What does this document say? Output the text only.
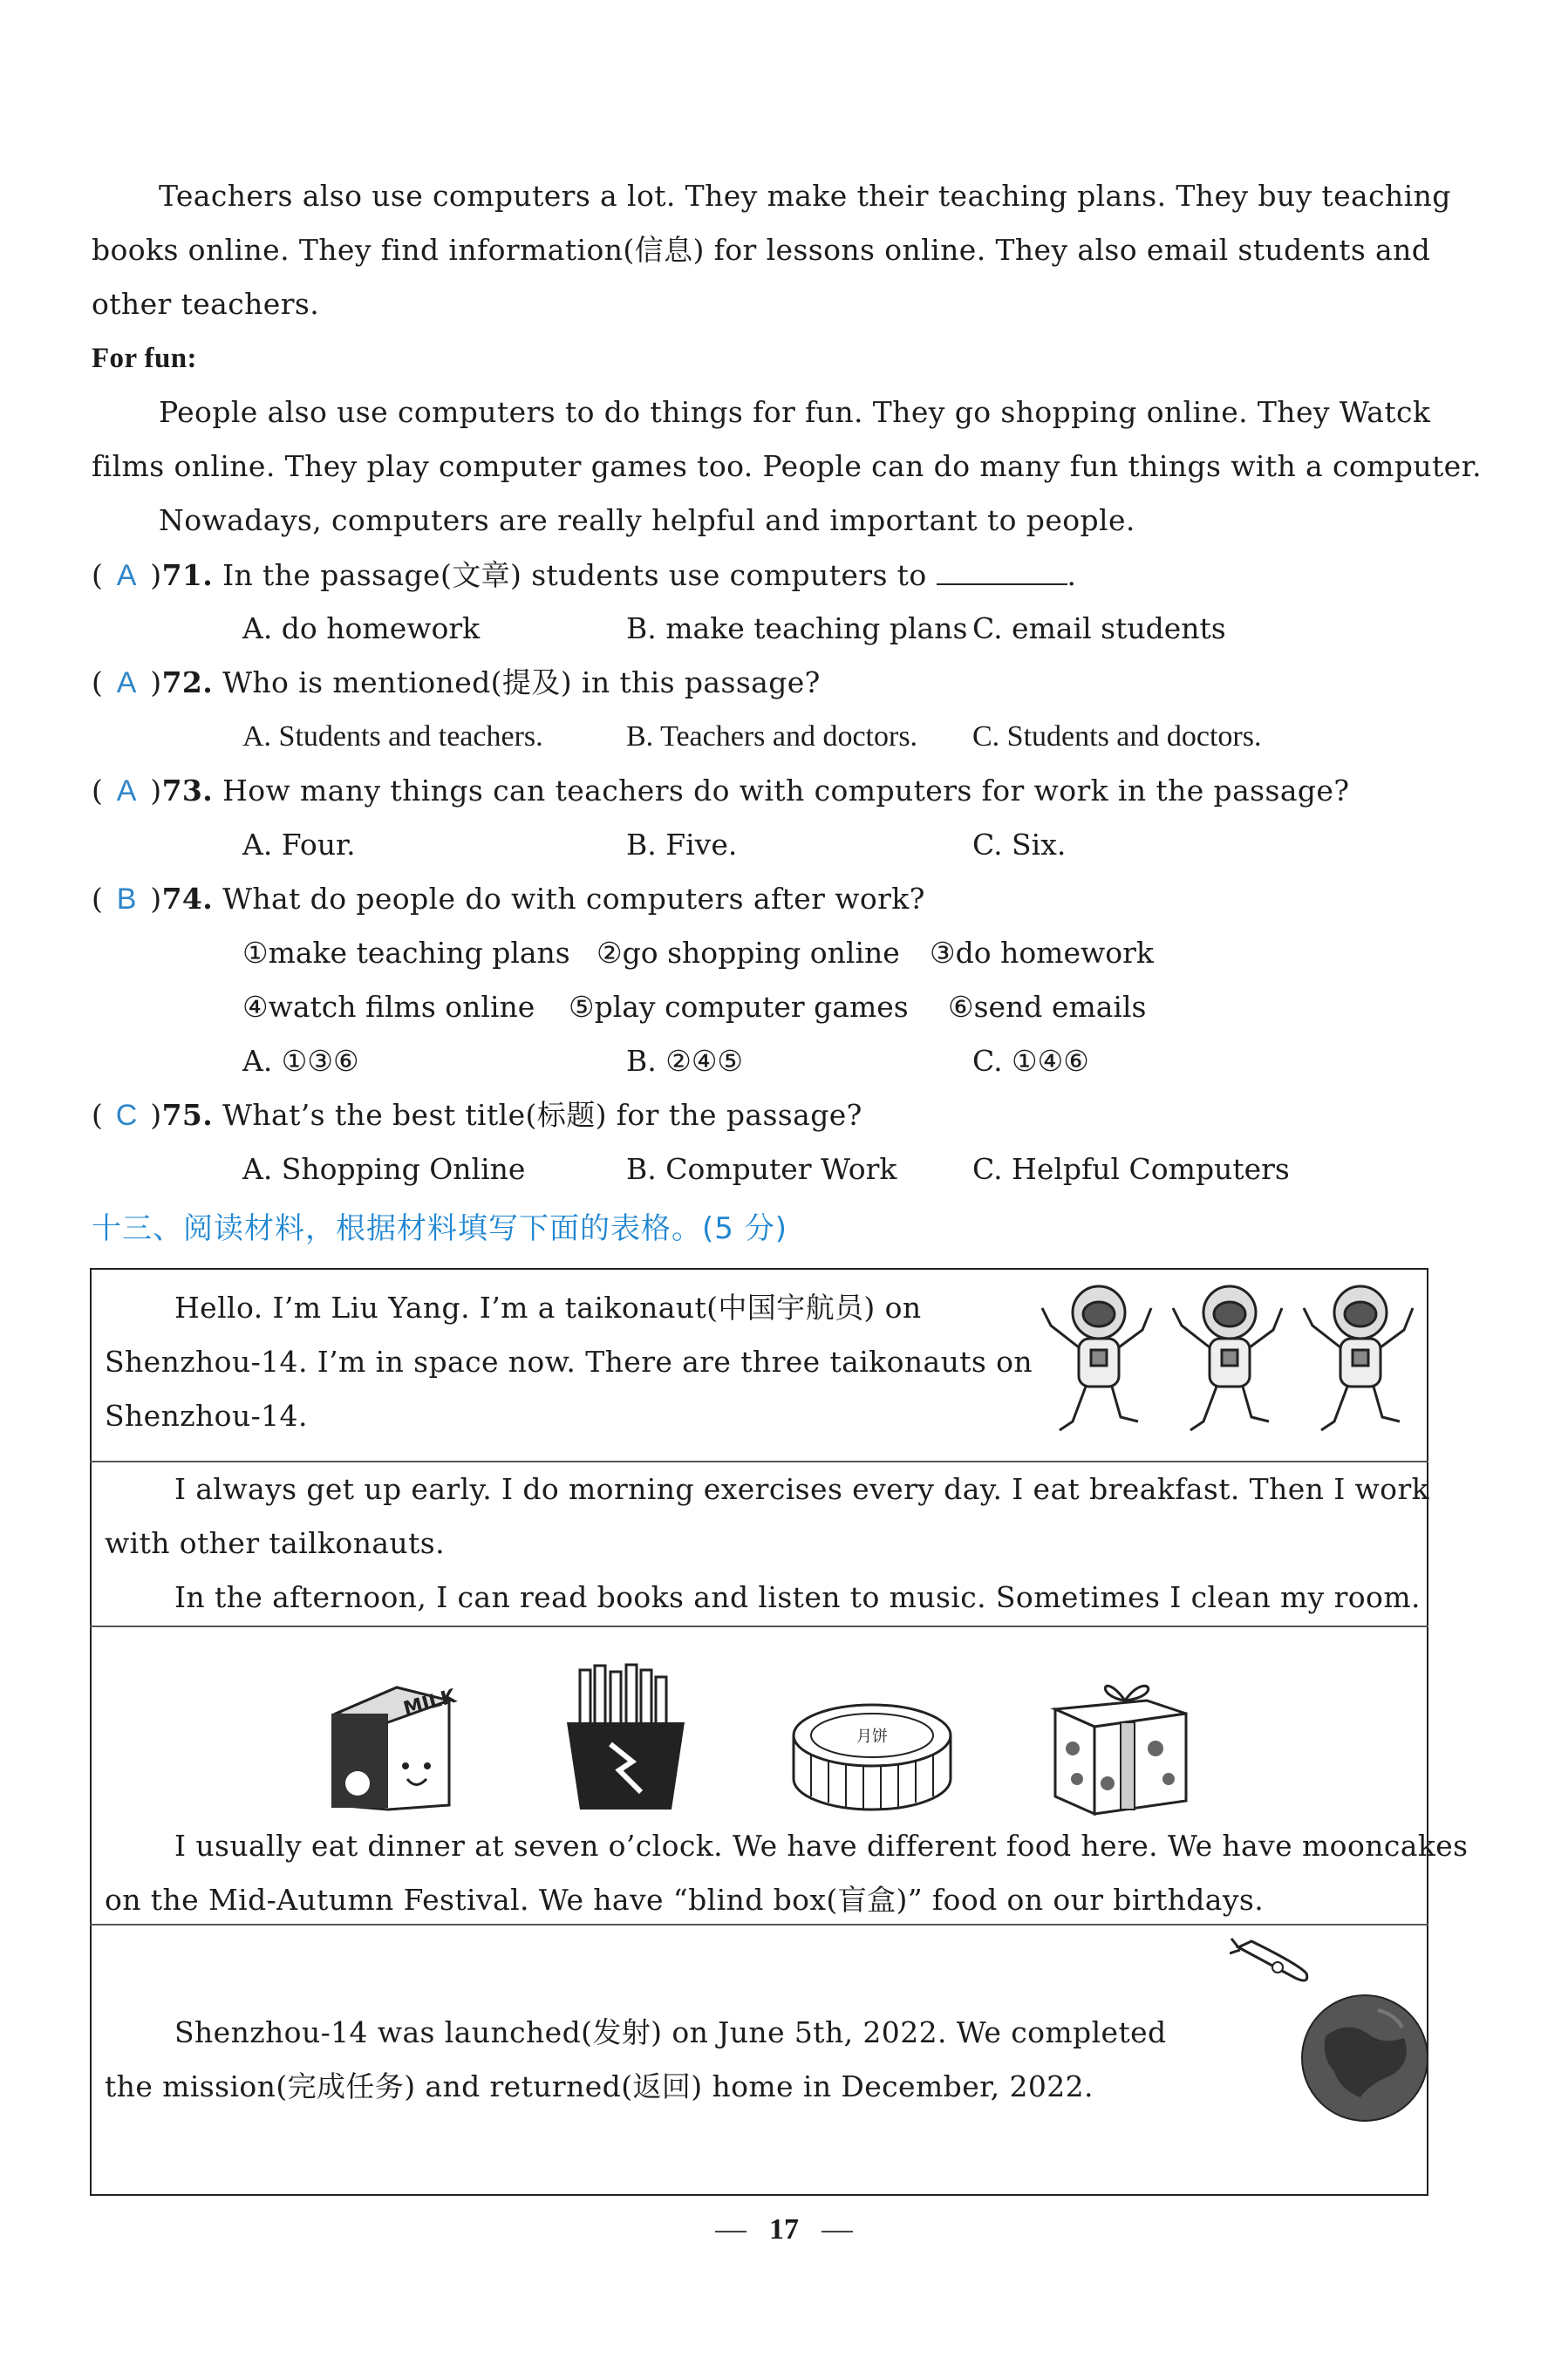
Teachers also use computers a lot. They make their teaching plans. They buy teaching
books online. They find information(信息) for lessons online. They also email students and
other teachers.
For fun:
People also use computers to do things for fun. They go shopping online. They Watck
films online. They play computer games too. People can do many fun things with a computer.
Nowadays, computers are really helpful and important to people.
( A )71. In the passage(文章) students use computers to	.
A. do homework	B. make teaching plans C. email students
( A )72. Who is mentioned(提及) in this passage?
A. Students and teachers.	B. Teachers and doctors. C. Students and doctors.
( A )73. How many things can teachers do with computers for work in the passage?
A. Four.	B. Five.	C. Six.
( B )74. What do people do with computers after work?
①make teaching plans ②go shopping online ③do homework
④watch films online ⑤play computer games ⑥send emails
A. ①③⑥	B. ②④⑤	C. ①④⑥
( C )75. What’s the best title(标题) for the passage?
A. Shopping Online	B. Computer Work	C. Helpful Computers
十三、阅读材料，根据材料填写下面的表格。(5 分)
Hello. I’m Liu Yang. I’m a taikonaut(中国宇航员) on
Shenzhou-14. I’m in space now. There are three taikonauts on
Shenzhou-14.
I always get up early. I do morning exercises every day. I eat breakfast. Then I work
with other tailkonauts.
In the afternoon, I can read books and listen to music. Sometimes I clean my room.
MILK
月饼
I usually eat dinner at seven o’clock. We have different food here. We have mooncakes
on the Mid-Autumn Festival. We have “blind box(盲盒)” food on our birthdays.
Shenzhou-14 was launched(发射) on June 5th, 2022. We completed
the mission(完成任务) and returned(返回) home in December, 2022.
17
